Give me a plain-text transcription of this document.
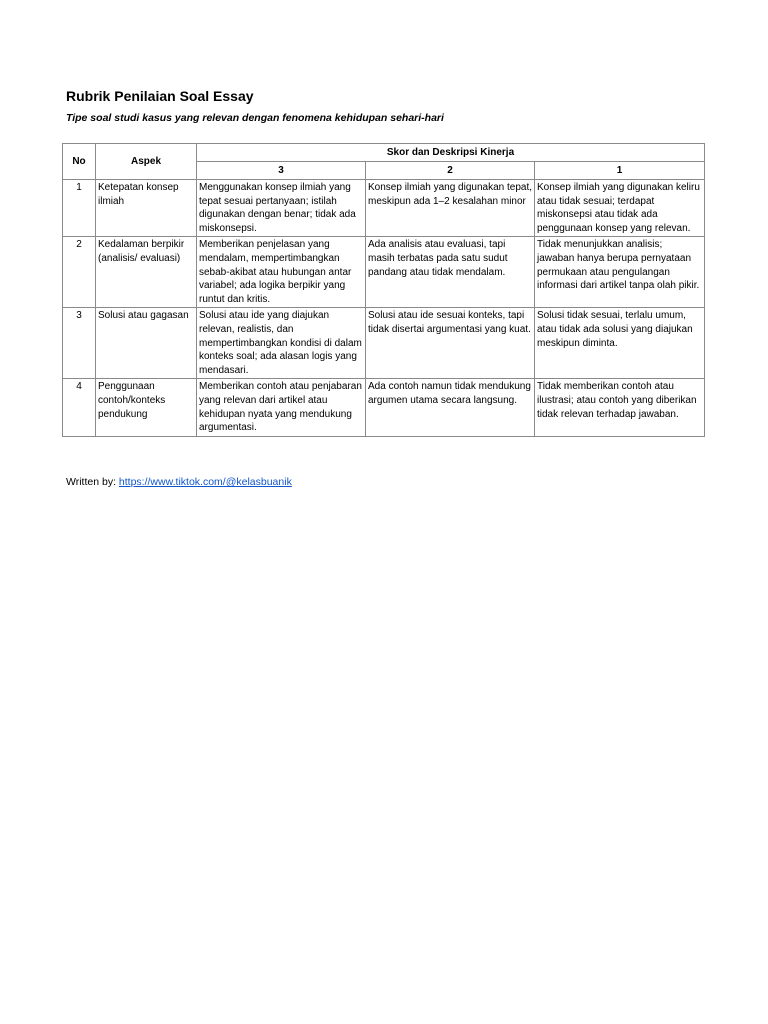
Rubrik Penilaian Soal Essay
Tipe soal studi kasus yang relevan dengan fenomena kehidupan sehari-hari
No	Aspek	Skor dan Deskripsi Kinerja		
		3	2	1
1	Ketepatan konsep ilmiah	Menggunakan konsep ilmiah yang tepat sesuai pertanyaan; istilah digunakan dengan benar; tidak ada miskonsepsi.	Konsep ilmiah yang digunakan tepat, meskipun ada 1–2 kesalahan minor	Konsep ilmiah yang digunakan keliru atau tidak sesuai; terdapat miskonsepsi atau tidak ada penggunaan konsep yang relevan.
2	Kedalaman berpikir (analisis/ evaluasi)	Memberikan penjelasan yang mendalam, mempertimbangkan sebab-akibat atau hubungan antar variabel; ada logika berpikir yang runtut dan kritis.	Ada analisis atau evaluasi, tapi masih terbatas pada satu sudut pandang atau tidak mendalam.	Tidak menunjukkan analisis; jawaban hanya berupa pernyataan permukaan atau pengulangan informasi dari artikel tanpa olah pikir.
3	Solusi atau gagasan	Solusi atau ide yang diajukan relevan, realistis, dan mempertimbangkan kondisi di dalam konteks soal; ada alasan logis yang mendasari.	Solusi atau ide sesuai konteks, tapi tidak disertai argumentasi yang kuat.	Solusi tidak sesuai, terlalu umum, atau tidak ada solusi yang diajukan meskipun diminta.
4	Penggunaan contoh/konteks pendukung	Memberikan contoh atau penjabaran yang relevan dari artikel atau kehidupan nyata yang mendukung argumentasi.	Ada contoh namun tidak mendukung argumen utama secara langsung.	Tidak memberikan contoh atau ilustrasi; atau contoh yang diberikan tidak relevan terhadap jawaban.
Written by: https://www.tiktok.com/@kelasbuanik
